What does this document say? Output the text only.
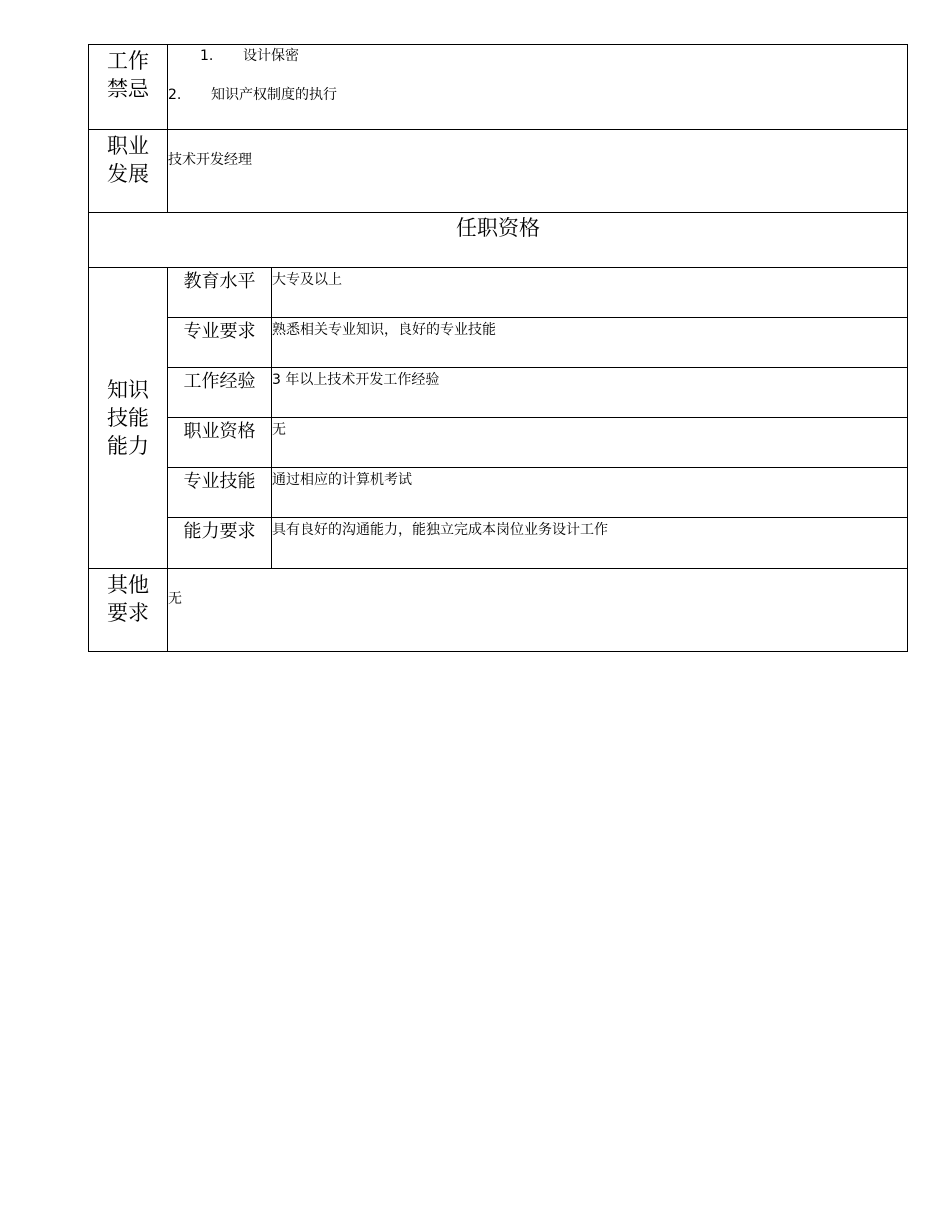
工作禁忌	1. 设计保密
2. 知识产权制度的执行	

职业发展	技术开发经理	

任职资格		

知识技能能力	教育水平	大专及以上

	专业要求	熟悉相关专业知识，良好的专业技能

	工作经验	3 年以上技术开发工作经验

	职业资格	无

	专业技能	通过相应的计算机考试

	能力要求	具有良好的沟通能力，能独立完成本岗位业务设计工作

其他要求	无	
